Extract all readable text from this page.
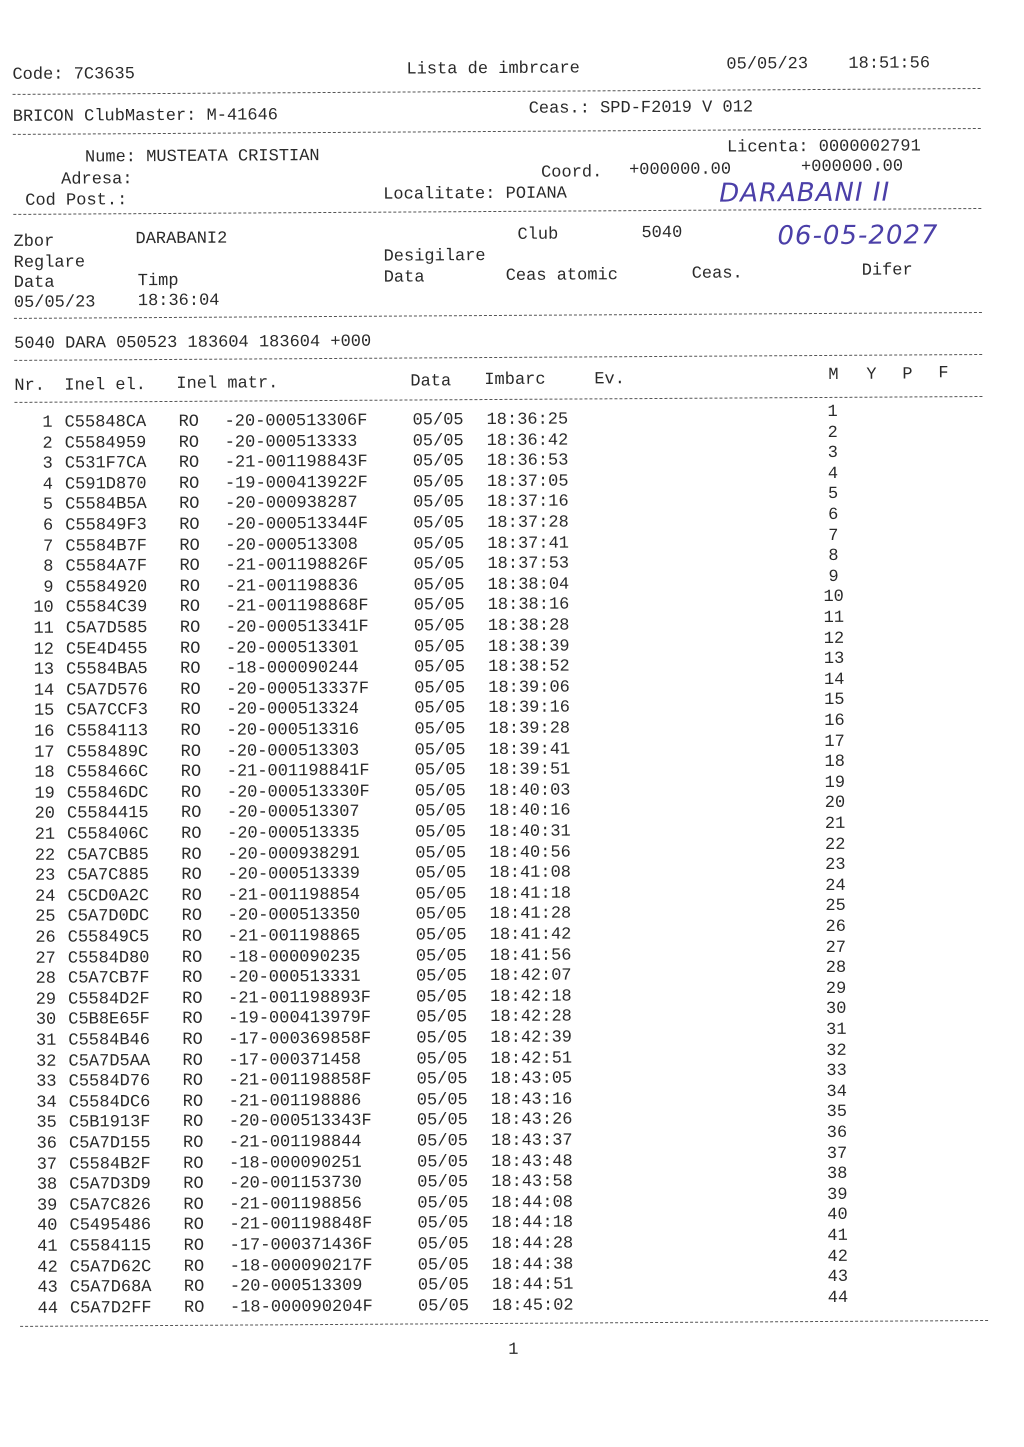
Code: 7C3635	Lista de imbrcare	05/05/23 18:51:56
BRICON ClubMaster: M-41646	Ceas.: SPD-F2019 V 012
Nume: MUSTEATA CRISTIAN	Licenta: 0000002791
Adresa:	Coord. +000000.00	+000000.00
Cod Post.:	Localitate: POIANA	DARABANI II
Zbor	DARABANI2	Club	5040	06-05-2027
Reglare	Desigilare
Data	Timp	Data	Ceas atomic	Ceas.	Difer
05/05/23 18:36:04
5040 DARA 050523 183604 183604 +000
Nr. Inel el. Inel matr.	Data Imbarc	Ev.	M Y P F
1 C55848CA RO -20-000513306F	05/05 18:36:25	1
2 C5584959 RO -20-000513333	05/05 18:36:42	2
3 C531F7CA RO -21-001198843F	05/05 18:36:53	3
4 C591D870 RO -19-000413922F	05/05 18:37:05	4
5 C5584B5A RO -20-000938287	05/05 18:37:16	5
6 C55849F3 RO -20-000513344F	05/05 18:37:28	6
7 C5584B7F RO -20-000513308	05/05 18:37:41	7
8 C5584A7F RO -21-001198826F	05/05 18:37:53	8
9 C5584920 RO -21-001198836	05/05 18:38:04	9
10 C5584C39 RO -21-001198868F	05/05 18:38:16	10
11 C5A7D585 RO -20-000513341F	05/05 18:38:28	11
12 C5E4D455 RO -20-000513301	05/05 18:38:39	12
13 C5584BA5 RO -18-000090244	05/05 18:38:52	13
14 C5A7D576 RO -20-000513337F	05/05 18:39:06	14
15 C5A7CCF3 RO -20-000513324	05/05 18:39:16	15
16 C5584113 RO -20-000513316	05/05 18:39:28	16
17 C558489C RO -20-000513303	05/05 18:39:41	17
18 C558466C RO -21-001198841F	05/05 18:39:51	18
19 C55846DC RO -20-000513330F	05/05 18:40:03	19
20 C5584415 RO -20-000513307	05/05 18:40:16	20
21 C558406C RO -20-000513335	05/05 18:40:31	21
22 C5A7CB85 RO -20-000938291	05/05 18:40:56	22
23 C5A7C885 RO -20-000513339	05/05 18:41:08	23
24 C5CD0A2C RO -21-001198854	05/05 18:41:18	24
25 C5A7D0DC RO -20-000513350	05/05 18:41:28	25
26 C55849C5 RO -21-001198865	05/05 18:41:42	26
27 C5584D80 RO -18-000090235	05/05 18:41:56	27
28 C5A7CB7F RO -20-000513331	05/05 18:42:07	28
29 C5584D2F RO -21-001198893F	05/05 18:42:18	29
30 C5B8E65F RO -19-000413979F	05/05 18:42:28	30
31 C5584B46 RO -17-000369858F	05/05 18:42:39	31
32 C5A7D5AA RO -17-000371458	05/05 18:42:51	32
33 C5584D76 RO -21-001198858F	05/05 18:43:05	33
34 C5584DC6 RO -21-001198886	05/05 18:43:16	34
35 C5B1913F RO -20-000513343F	05/05 18:43:26	35
36 C5A7D155 RO -21-001198844	05/05 18:43:37	36
37 C5584B2F RO -18-000090251	05/05 18:43:48	37
38 C5A7D3D9 RO -20-001153730	05/05 18:43:58	38
39 C5A7C826 RO -21-001198856	05/05 18:44:08	39
40 C5495486 RO -21-001198848F	05/05 18:44:18	40
41 C5584115 RO -17-000371436F	05/05 18:44:28	41
42 C5A7D62C RO -18-000090217F	05/05 18:44:38	42
43 C5A7D68A RO -20-000513309	05/05 18:44:51	43
44 C5A7D2FF RO -18-000090204F	05/05 18:45:02	44
1
